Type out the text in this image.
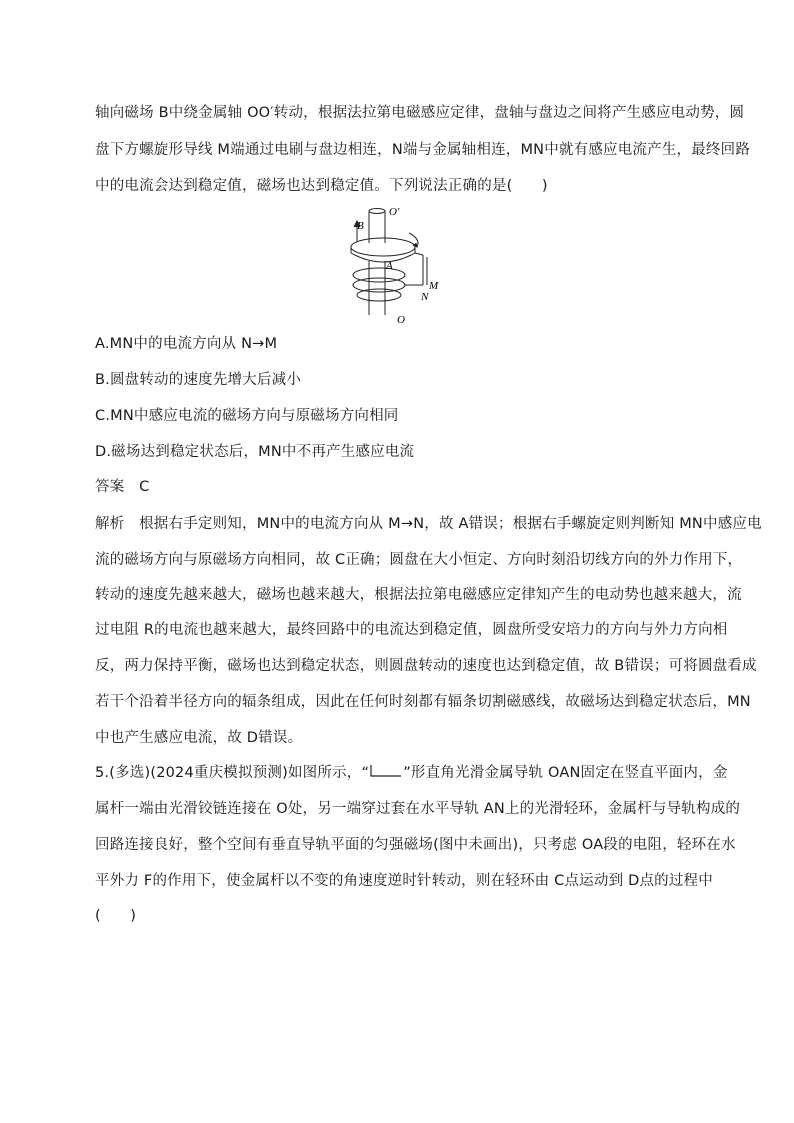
轴向磁场 B中绕金属轴 OO′转动，根据法拉第电磁感应定律，盘轴与盘边之间将产生感应电动势，圆
盘下方螺旋形导线 M端通过电刷与盘边相连，N端与金属轴相连，MN中就有感应电流产生，最终回路
中的电流会达到稳定值，磁场也达到稳定值。下列说法正确的是(　　)
B
O′
A
M
N
O
A.MN中的电流方向从 N→M
B.圆盘转动的速度先增大后减小
C.MN中感应电流的磁场方向与原磁场方向相同
D.磁场达到稳定状态后，MN中不再产生感应电流
答案　C
解析　根据右手定则知，MN中的电流方向从 M→N，故 A错误；根据右手螺旋定则判断知 MN中感应电
流的磁场方向与原磁场方向相同，故 C正确；圆盘在大小恒定、方向时刻沿切线方向的外力作用下，
转动的速度先越来越大，磁场也越来越大，根据法拉第电磁感应定律知产生的电动势也越来越大，流
过电阻 R的电流也越来越大，最终回路中的电流达到稳定值，圆盘所受安培力的方向与外力方向相
反，两力保持平衡，磁场也达到稳定状态，则圆盘转动的速度也达到稳定值，故 B错误；可将圆盘看成
若干个沿着半径方向的辐条组成，因此在任何时刻都有辐条切割磁感线，故磁场达到稳定状态后，MN
中也产生感应电流，故 D错误。
5.(多选)(2024重庆模拟预测)如图所示，“ ”形直角光滑金属导轨 OAN固定在竖直平面内，金
属杆一端由光滑铰链连接在 O处，另一端穿过套在水平导轨 AN上的光滑轻环，金属杆与导轨构成的
回路连接良好，整个空间有垂直导轨平面的匀强磁场(图中未画出)，只考虑 OA段的电阻，轻环在水
平外力 F的作用下，使金属杆以不变的角速度逆时针转动，则在轻环由 C点运动到 D点的过程中
(　　)
